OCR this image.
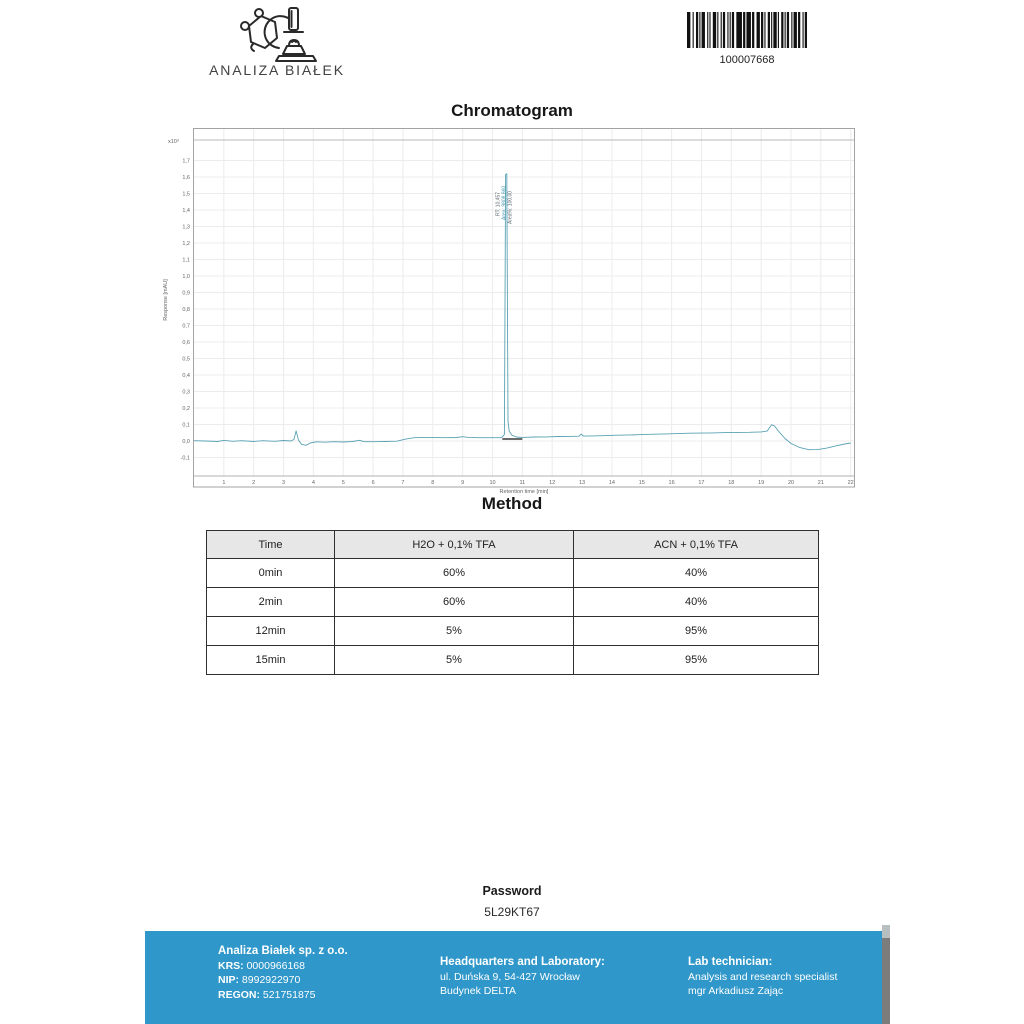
ANALIZA BIAŁEK
100007668
Chromatogram
x10³
-0,1
0,0
0,1
0,2
0,3
0,4
0,5
0,6
0,7
0,8
0,9
1,0
1,1
1,2
1,3
1,4
1,5
1,6
1,7
1	2	3	4	5	6	7	8	9	10	11	12	13	14	15	16	17	18	19	20	21	22
Response [mAU]
Retention time [min]
RT: 10,457 Area: 9808,860 Area%: 100,00
Method
Time	H2O + 0,1% TFA	ACN + 0,1% TFA
0min	60%	40%
2min	60%	40%
12min	5%	95%
15min	5%	95%
Password
5L29KT67
Analiza Białek sp. z o.o.
KRS: 0000966168
NIP: 8992922970
REGON: 521751875
Headquarters and Laboratory:
ul. Duńska 9, 54-427 Wrocław
Budynek DELTA
Lab technician:
Analysis and research specialist
mgr Arkadiusz Zając
